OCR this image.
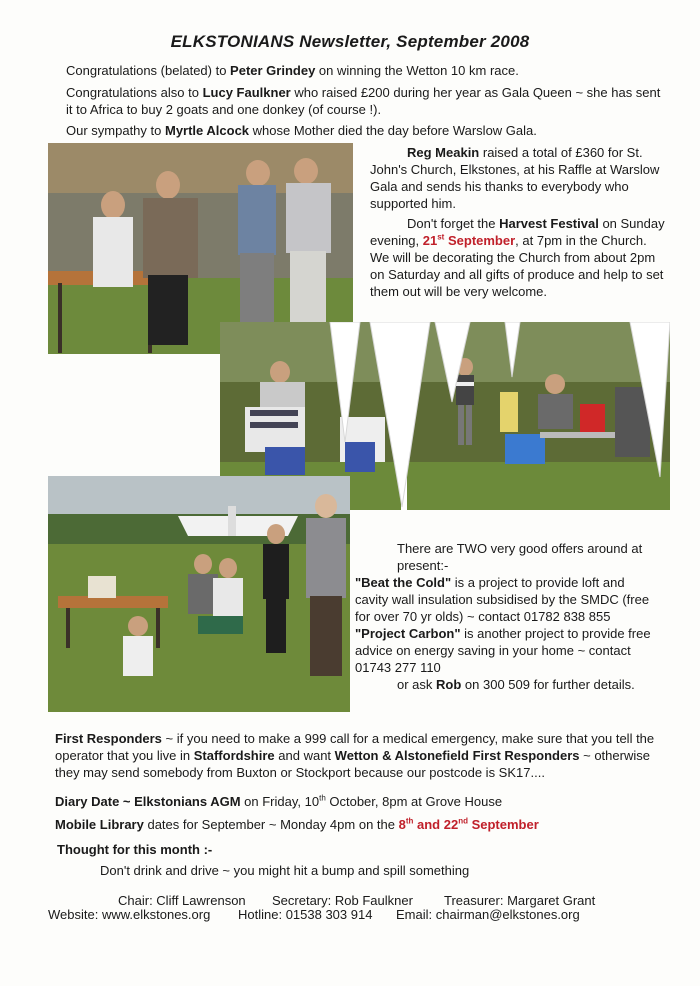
ELKSTONIANS Newsletter, September 2008
Congratulations (belated) to Peter Grindey on winning the Wetton 10 km race.
Congratulations also to Lucy Faulkner who raised £200 during her year as Gala Queen ~ she has sent it to Africa to buy 2 goats and one donkey (of course !).
Our sympathy to Myrtle Alcock whose Mother died the day before Warslow Gala.
Reg Meakin raised a total of £360 for St. John's Church, Elkstones, at his Raffle at Warslow Gala and sends his thanks to everybody who supported him.
Don't forget the Harvest Festival on Sunday evening, 21st September, at 7pm in the Church. We will be decorating the Church from about 2pm on Saturday and all gifts of produce and help to set them out will be very welcome.
There are TWO very good offers around at present:-
"Beat the Cold" is a project to provide loft and cavity wall insulation subsidised by the SMDC (free for over 70 yr olds) ~ contact 01782 838 855
"Project Carbon" is another project to provide free advice on energy saving in your home ~ contact 01743 277 110
or ask Rob on 300 509 for further details.
First Responders ~ if you need to make a 999 call for a medical emergency, make sure that you tell the operator that you live in Staffordshire and want Wetton & Alstonefield First Responders ~ otherwise they may send somebody from Buxton or Stockport because our postcode is SK17....
Diary Date ~ Elkstonians AGM on Friday, 10th October, 8pm at Grove House
Mobile Library dates for September ~ Monday 4pm on the 8th and 22nd September
Thought for this month :-
Don't drink and drive ~ you might hit a bump and spill something
Chair: Cliff Lawrenson Secretary: Rob Faulkner Treasurer: Margaret Grant
Website: www.elkstones.org Hotline: 01538 303 914 Email: chairman@elkstones.org
